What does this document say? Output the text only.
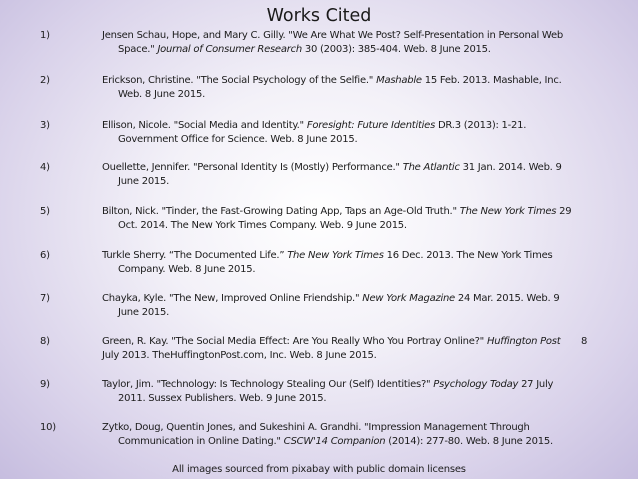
Works Cited
1)	Jensen Schau, Hope, and Mary C. Gilly. "We Are What We Post? Self-Presentation in Personal Web
Space." Journal of Consumer Research 30 (2003): 385-404. Web. 8 June 2015.
2)	Erickson, Christine. "The Social Psychology of the Selfie." Mashable 15 Feb. 2013. Mashable, Inc.
Web. 8 June 2015.
3)	Ellison, Nicole. "Social Media and Identity." Foresight: Future Identities DR.3 (2013): 1-21.
Government Office for Science. Web. 8 June 2015.
4)	Ouellette, Jennifer. "Personal Identity Is (Mostly) Performance." The Atlantic 31 Jan. 2014. Web. 9
June 2015.
5)	Bilton, Nick. "Tinder, the Fast-Growing Dating App, Taps an Age-Old Truth." The New York Times 29
Oct. 2014. The New York Times Company. Web. 9 June 2015.
6)	Turkle Sherry. “The Documented Life.” The New York Times 16 Dec. 2013. The New York Times
Company. Web. 8 June 2015.
7)	Chayka, Kyle. "The New, Improved Online Friendship." New York Magazine 24 Mar. 2015. Web. 9
June 2015.
8)	Green, R. Kay. "The Social Media Effect: Are You Really Who You Portray Online?" Huffington Post 8
July 2013. TheHuffingtonPost.com, Inc. Web. 8 June 2015.
9)	Taylor, Jim. "Technology: Is Technology Stealing Our (Self) Identities?" Psychology Today 27 July
2011. Sussex Publishers. Web. 9 June 2015.
10)	Zytko, Doug, Quentin Jones, and Sukeshini A. Grandhi. "Impression Management Through
Communication in Online Dating." CSCW'14 Companion (2014): 277-80. Web. 8 June 2015.
All images sourced from pixabay with public domain licenses
